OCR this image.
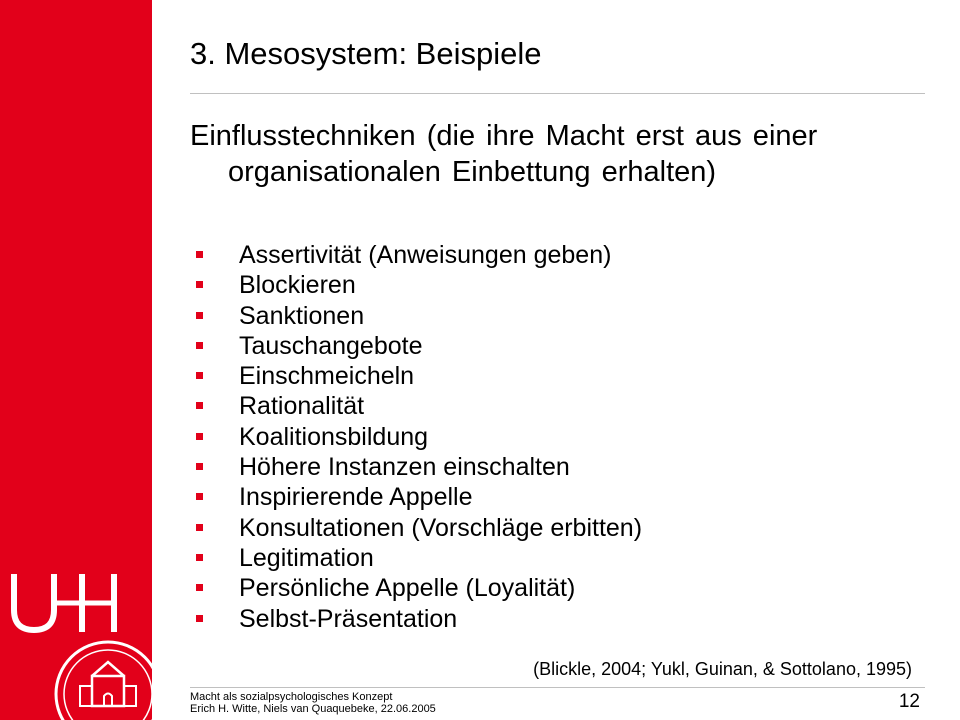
3. Mesosystem: Beispiele

Einflusstechniken (die ihre Macht erst aus einer organisationalen Einbettung erhalten)

Assertivität (Anweisungen geben)
Blockieren
Sanktionen
Tauschangebote
Einschmeicheln
Rationalität
Koalitionsbildung
Höhere Instanzen einschalten
Inspirierende Appelle
Konsultationen (Vorschläge erbitten)
Legitimation
Persönliche Appelle (Loyalität)
Selbst-Präsentation
(Blickle, 2004; Yukl, Guinan, & Sottolano, 1995)
Macht als sozialpsychologisches Konzept
Erich H. Witte, Niels van Quaquebeke, 22.06.2005	12
